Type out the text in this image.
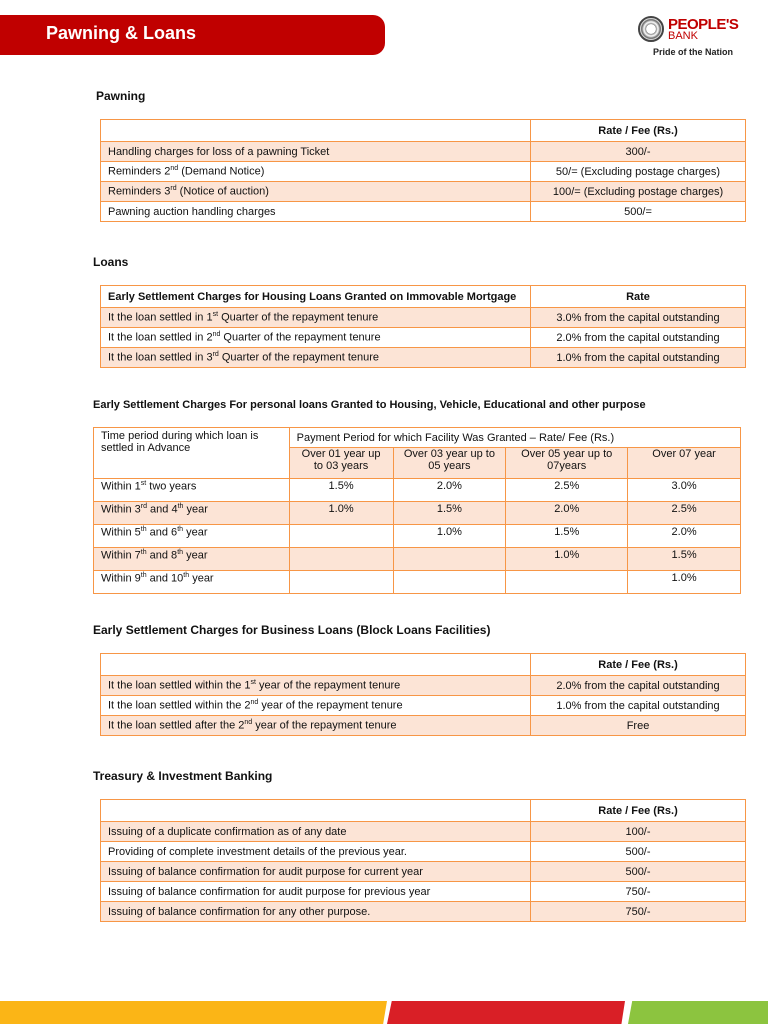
Pawning & Loans	PEOPLE'S
BANK
Pride of the Nation
Pawning
	Rate / Fee (Rs.)
Handling charges for loss of a pawning Ticket	300/-
Reminders 2nd (Demand Notice)	50/= (Excluding postage charges)
Reminders 3rd (Notice of auction)	100/= (Excluding postage charges)
Pawning auction handling charges	500/=
Loans
Early Settlement Charges for Housing Loans Granted on Immovable Mortgage	Rate
It the loan settled in 1st Quarter of the repayment tenure	3.0% from the capital outstanding
It the loan settled in 2nd Quarter of the repayment tenure	2.0% from the capital outstanding
It the loan settled in 3rd Quarter of the repayment tenure	1.0% from the capital outstanding
Early Settlement Charges For personal loans Granted to Housing, Vehicle, Educational and other purpose
Time period during which loan is settled in Advance	Payment Period for which Facility Was Granted – Rate/ Fee (Rs.)			
	Over 01 year up to 03 years	Over 03 year up to 05 years	Over 05 year up to 07years	Over 07 year
Within 1st two years	1.5%	2.0%	2.5%	3.0%
Within 3rd and 4th year	1.0%	1.5%	2.0%	2.5%
Within 5th and 6th year		1.0%	1.5%	2.0%
Within 7th and 8th year			1.0%	1.5%
Within 9th and 10th year				1.0%
Early Settlement Charges for Business Loans (Block Loans Facilities)
	Rate / Fee (Rs.)
It the loan settled within the 1st year of the repayment tenure	2.0% from the capital outstanding
It the loan settled within the 2nd year of the repayment tenure	1.0% from the capital outstanding
It the loan settled after the 2nd year of the repayment tenure	Free
Treasury & Investment Banking
	Rate / Fee (Rs.)
Issuing of a duplicate confirmation as of any date	100/-
Providing of complete investment details of the previous year.	500/-
Issuing of balance confirmation for audit purpose for current year	500/-
Issuing of balance confirmation for audit purpose for previous year	750/-
Issuing of balance confirmation for any other purpose.	750/-
